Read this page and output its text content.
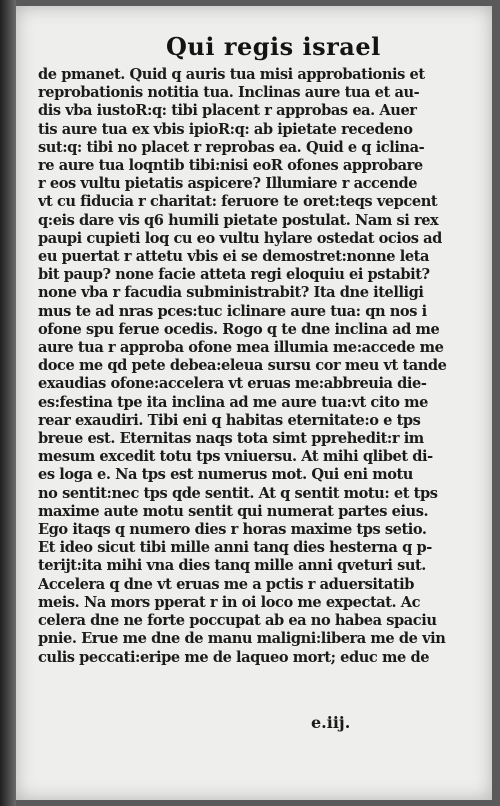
Qui regis israel
de pmanet. Quid q auris tua misi approbationis et
reprobationis notitia tua. Inclinas aure tua et au-
dis vba iustoR:q: tibi placent r approbas ea. Auer
tis aure tua ex vbis ipioR:q: ab ipietate recedeno
sut:q: tibi no placet r reprobas ea. Quid e q iclina-
re aure tua loqntib tibi:nisi eoR ofones approbare
r eos vultu pietatis aspicere? Illumiare r accende
vt cu fiducia r charitat: feruore te oret:teqs vepcent
q:eis dare vis q6 humili pietate postulat. Nam si rex
paupi cupieti loq cu eo vultu hylare ostedat ocios ad
eu puertat r attetu vbis ei se demostret:nonne leta
bit paup? none facie atteta regi eloquiu ei pstabit?
none vba r facudia subministrabit? Ita dne itelligi
mus te ad nras pces:tuc iclinare aure tua: qn nos i
ofone spu ferue ocedis. Rogo q te dne inclina ad me
aure tua r approba ofone mea illumia me:accede me
doce me qd pete debea:eleua sursu cor meu vt tande
exaudias ofone:accelera vt eruas me:abbreuia die-
es:festina tpe ita inclina ad me aure tua:vt cito me
rear exaudiri. Tibi eni q habitas eternitate:o e tps
breue est. Eternitas naqs tota simt pprehedit:r im
mesum excedit totu tps vniuersu. At mihi qlibet di-
es loga e. Na tps est numerus mot. Qui eni motu
no sentit:nec tps qde sentit. At q sentit motu: et tps
maxime aute motu sentit qui numerat partes eius.
Ego itaqs q numero dies r horas maxime tps setio.
Et ideo sicut tibi mille anni tanq dies hesterna q p-
terijt:ita mihi vna dies tanq mille anni qveturi sut.
Accelera q dne vt eruas me a pctis r aduersitatib
meis. Na mors pperat r in oi loco me expectat. Ac
celera dne ne forte poccupat ab ea no habea spaciu
pnie. Erue me dne de manu maligni:libera me de vin
culis peccati:eripe me de laqueo mort; educ me de
e.iij.
